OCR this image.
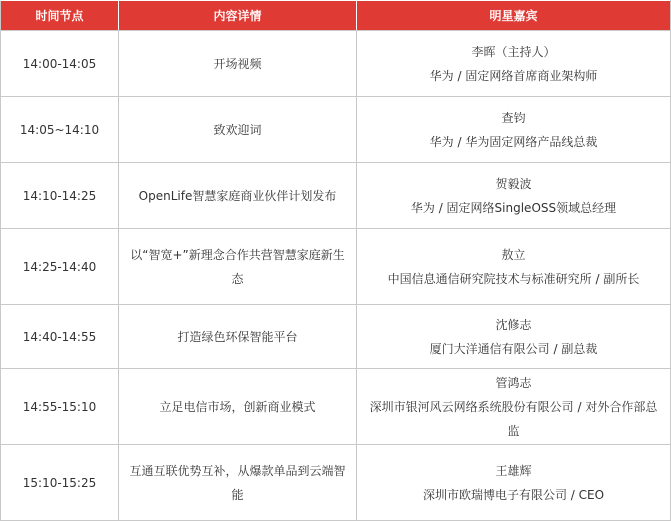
时间节点	内容详情	明星嘉宾
14:00-14:05	开场视频	李晖（主持人）
华为 / 固定网络首席商业架构师

14:05~14:10	致欢迎词	查钧
华为 / 华为固定网络产品线总裁

14:10-14:25	OpenLife智慧家庭商业伙伴计划发布	贺毅波
华为 / 固定网络SingleOSS领域总经理

14:25-14:40	以“智宽+”新理念合作共营智慧家庭新生态	敖立
中国信息通信研究院技术与标准研究所 / 副所长

14:40-14:55	打造绿色环保智能平台	沈修志
厦门大洋通信有限公司 / 副总裁

14:55-15:10	立足电信市场，创新商业模式	管鸿志
深圳市银河风云网络系统股份有限公司 / 对外合作部总监

15:10-15:25	互通互联优势互补，从爆款单品到云端智能	王雄辉
深圳市欧瑞博电子有限公司 / CEO
